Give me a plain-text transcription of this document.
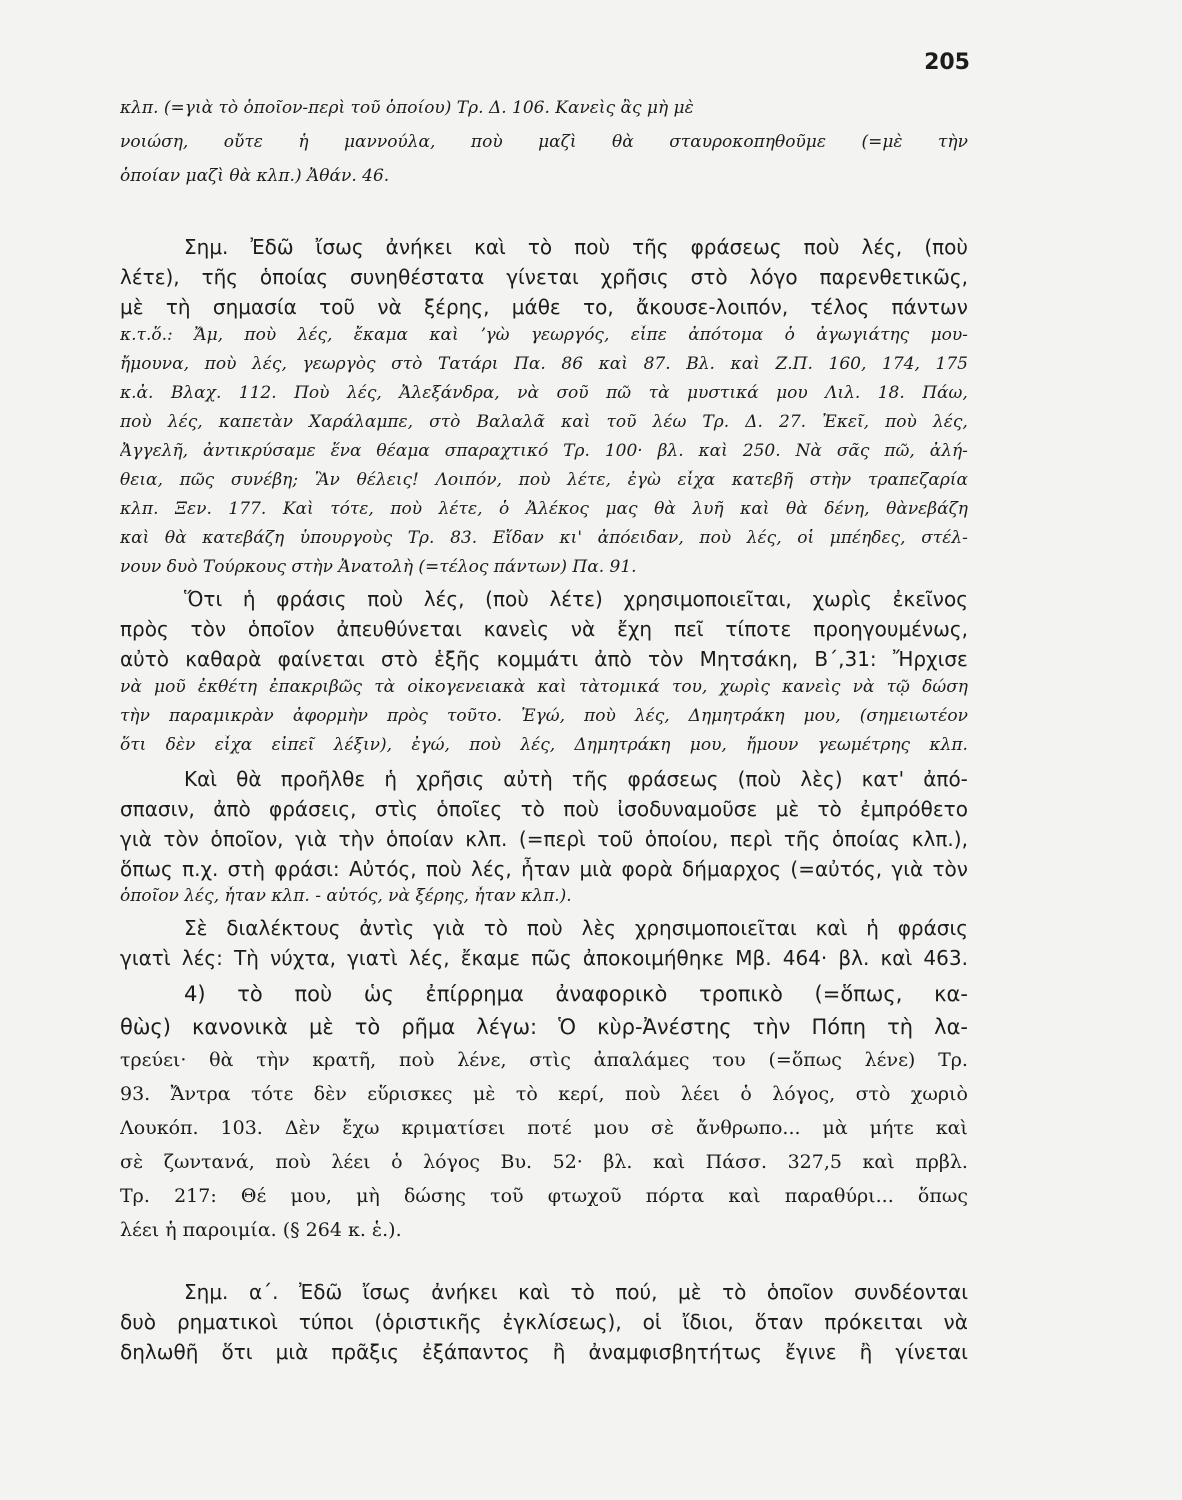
205
κλπ. (=γιὰ τὸ ὁποῖον-περὶ τοῦ ὁποίου) Τρ. Δ. 106. Κανεὶς ἂς μὴ μὲ
νοιώση, οὔτε ἡ μαννούλα, ποὺ μαζὶ θὰ σταυροκοπηθοῦμε (=μὲ τὴν
ὁποίαν μαζὶ θὰ κλπ.) Ἀθάν. 46.
Σημ. Ἐδῶ ἴσως ἀνήκει καὶ τὸ ποὺ τῆς φράσεως ποὺ λές, (ποὺ
λέτε), τῆς ὁποίας συνηθέστατα γίνεται χρῆσις στὸ λόγο παρενθετικῶς,
μὲ τὴ σημασία τοῦ νὰ ξέρης, μάθε το, ἄκουσε-λοιπόν, τέλος πάντων
κ.τ.ὅ.: Ἄμ, ποὺ λές, ἔκαμα καὶ ʼγὼ γεωργός, εἶπε ἀπότομα ὁ ἀγωγιάτης μου-
ἤμουνα, ποὺ λές, γεωργὸς στὸ Τατάρι Πα. 86 καὶ 87. Βλ. καὶ Ζ.Π. 160, 174, 175
κ.ἀ. Βλαχ. 112. Ποὺ λές, Ἀλεξάνδρα, νὰ σοῦ πῶ τὰ μυστικά μου Λιλ. 18. Πάω,
ποὺ λές, καπετὰν Χαράλαμπε, στὸ Βαλαλᾶ καὶ τοῦ λέω Τρ. Δ. 27. Ἐκεῖ, ποὺ λές,
Ἀγγελῆ, ἀντικρύσαμε ἕνα θέαμα σπαραχτικό Τρ. 100· βλ. καὶ 250. Νὰ σᾶς πῶ, ἀλή-
θεια, πῶς συνέβη; Ἂν θέλεις! Λοιπόν, ποὺ λέτε, ἐγὼ εἶχα κατεβῆ στὴν τραπεζαρία
κλπ. Ξεν. 177. Καὶ τότε, ποὺ λέτε, ὁ Ἀλέκος μας θὰ λυῆ καὶ θὰ δένη, θὰνεβάζη
καὶ θὰ κατεβάζη ὑπουργοὺς Τρ. 83. Εἴδαν κι' ἀπόειδαν, ποὺ λές, οἱ μπέηδες, στέλ-
νουν δυὸ Τούρκους στὴν Ἀνατολὴ (=τέλος πάντων) Πα. 91.
Ὅτι ἡ φράσις ποὺ λές, (ποὺ λέτε) χρησιμοποιεῖται, χωρὶς ἐκεῖνος
πρὸς τὸν ὁποῖον ἀπευθύνεται κανεὶς νὰ ἔχη πεῖ τίποτε προηγουμένως,
αὐτὸ καθαρὰ φαίνεται στὸ ἑξῆς κομμάτι ἀπὸ τὸν Μητσάκη, Β΄,31: Ἤρχισε
νὰ μοῦ ἐκθέτη ἐπακριβῶς τὰ οἰκογενειακὰ καὶ τὰτομικά του, χωρὶς κανεὶς νὰ τῷ δώση
τὴν παραμικρὰν ἀφορμὴν πρὸς τοῦτο. Ἐγώ, ποὺ λές, Δημητράκη μου, (σημειωτέον
ὅτι δὲν εἶχα εἰπεῖ λέξιν), ἐγώ, ποὺ λές, Δημητράκη μου, ἤμουν γεωμέτρης κλπ.
Καὶ θὰ προῆλθε ἡ χρῆσις αὐτὴ τῆς φράσεως (ποὺ λὲς) κατ' ἀπό-
σπασιν, ἀπὸ φράσεις, στὶς ὁποῖες τὸ ποὺ ἰσοδυναμοῦσε μὲ τὸ ἐμπρόθετο
γιὰ τὸν ὁποῖον, γιὰ τὴν ὁποίαν κλπ. (=περὶ τοῦ ὁποίου, περὶ τῆς ὁποίας κλπ.),
ὅπως π.χ. στὴ φράσι: Αὐτός, ποὺ λές, ἦταν μιὰ φορὰ δήμαρχος (=αὐτός, γιὰ τὸν
ὁποῖον λές, ἦταν κλπ. - αὐτός, νὰ ξέρης, ἦταν κλπ.).
Σὲ διαλέκτους ἀντὶς γιὰ τὸ ποὺ λὲς χρησιμοποιεῖται καὶ ἡ φράσις
γιατὶ λές: Τὴ νύχτα, γιατὶ λές, ἔκαμε πῶς ἀποκοιμήθηκε Μβ. 464· βλ. καὶ 463.
4) τὸ ποὺ ὡς ἐπίρρημα ἀναφορικὸ τροπικὸ (=ὅπως, κα-
θὼς) κανονικὰ μὲ τὸ ρῆμα λέγω: Ὁ κὺρ-Ἀνέστης τὴν Πόπη τὴ λα-
τρεύει· θὰ τὴν κρατῆ, ποὺ λένε, στὶς ἀπαλάμες του (=ὅπως λένε) Τρ.
93. Ἄντρα τότε δὲν εὕρισκες μὲ τὸ κερί, ποὺ λέει ὁ λόγος, στὸ χωριὸ
Λουκόπ. 103. Δὲν ἔχω κριματίσει ποτέ μου σὲ ἄνθρωπο... μὰ μήτε καὶ
σὲ ζωντανά, ποὺ λέει ὁ λόγος Βυ. 52· βλ. καὶ Πάσσ. 327,5 καὶ πρβλ.
Τρ. 217: Θέ μου, μὴ δώσης τοῦ φτωχοῦ πόρτα καὶ παραθύρι... ὅπως
λέει ἡ παροιμία. (§ 264 κ. ἑ.).
Σημ. α΄. Ἐδῶ ἴσως ἀνήκει καὶ τὸ πού, μὲ τὸ ὁποῖον συνδέονται
δυὸ ρηματικοὶ τύποι (ὁριστικῆς ἐγκλίσεως), οἱ ἴδιοι, ὅταν πρόκειται νὰ
δηλωθῆ ὅτι μιὰ πρᾶξις ἐξάπαντος ἢ ἀναμφισβητήτως ἔγινε ἢ γίνεται
